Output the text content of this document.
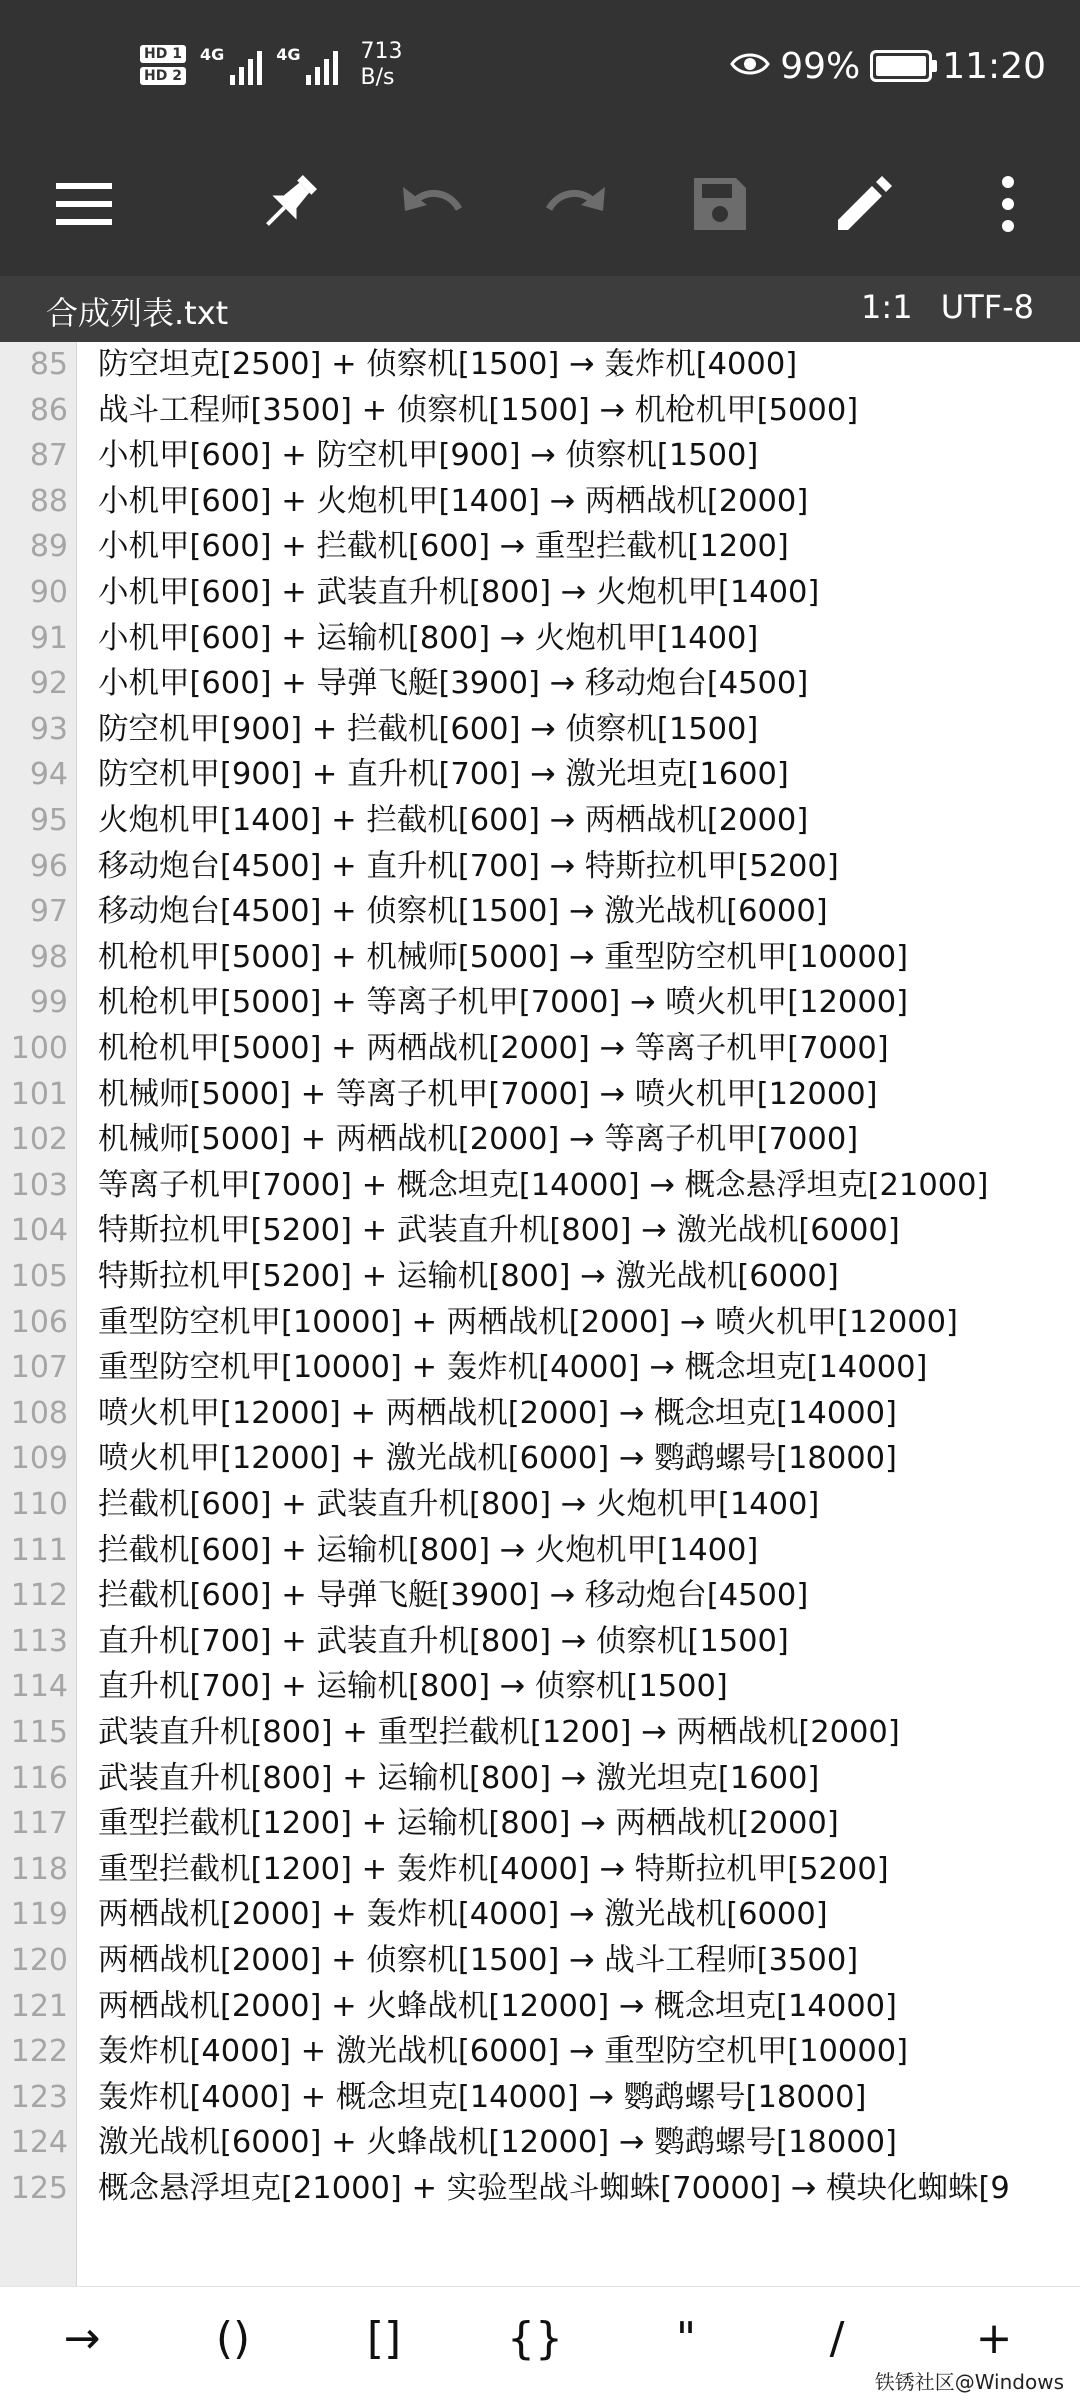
HD 1
HD 2
4G	4G	713
B/s	99% 11:20
合成列表.txt	1:1 UTF-8
85 防空坦克[2500] + 侦察机[1500] → 轰炸机[4000]
86 战斗工程师[3500] + 侦察机[1500] → 机枪机甲[5000]
87 小机甲[600] + 防空机甲[900] → 侦察机[1500]
88 小机甲[600] + 火炮机甲[1400] → 两栖战机[2000]
89 小机甲[600] + 拦截机[600] → 重型拦截机[1200]
90 小机甲[600] + 武装直升机[800] → 火炮机甲[1400]
91 小机甲[600] + 运输机[800] → 火炮机甲[1400]
92 小机甲[600] + 导弹飞艇[3900] → 移动炮台[4500]
93 防空机甲[900] + 拦截机[600] → 侦察机[1500]
94 防空机甲[900] + 直升机[700] → 激光坦克[1600]
95 火炮机甲[1400] + 拦截机[600] → 两栖战机[2000]
96 移动炮台[4500] + 直升机[700] → 特斯拉机甲[5200]
97 移动炮台[4500] + 侦察机[1500] → 激光战机[6000]
98 机枪机甲[5000] + 机械师[5000] → 重型防空机甲[10000]
99 机枪机甲[5000] + 等离子机甲[7000] → 喷火机甲[12000]
100 机枪机甲[5000] + 两栖战机[2000] → 等离子机甲[7000]
101 机械师[5000] + 等离子机甲[7000] → 喷火机甲[12000]
102 机械师[5000] + 两栖战机[2000] → 等离子机甲[7000]
103 等离子机甲[7000] + 概念坦克[14000] → 概念悬浮坦克[21000]
104 特斯拉机甲[5200] + 武装直升机[800] → 激光战机[6000]
105 特斯拉机甲[5200] + 运输机[800] → 激光战机[6000]
106 重型防空机甲[10000] + 两栖战机[2000] → 喷火机甲[12000]
107 重型防空机甲[10000] + 轰炸机[4000] → 概念坦克[14000]
108 喷火机甲[12000] + 两栖战机[2000] → 概念坦克[14000]
109 喷火机甲[12000] + 激光战机[6000] → 鹦鹉螺号[18000]
110 拦截机[600] + 武装直升机[800] → 火炮机甲[1400]
111 拦截机[600] + 运输机[800] → 火炮机甲[1400]
112 拦截机[600] + 导弹飞艇[3900] → 移动炮台[4500]
113 直升机[700] + 武装直升机[800] → 侦察机[1500]
114 直升机[700] + 运输机[800] → 侦察机[1500]
115 武装直升机[800] + 重型拦截机[1200] → 两栖战机[2000]
116 武装直升机[800] + 运输机[800] → 激光坦克[1600]
117 重型拦截机[1200] + 运输机[800] → 两栖战机[2000]
118 重型拦截机[1200] + 轰炸机[4000] → 特斯拉机甲[5200]
119 两栖战机[2000] + 轰炸机[4000] → 激光战机[6000]
120 两栖战机[2000] + 侦察机[1500] → 战斗工程师[3500]
121 两栖战机[2000] + 火蜂战机[12000] → 概念坦克[14000]
122 轰炸机[4000] + 激光战机[6000] → 重型防空机甲[10000]
123 轰炸机[4000] + 概念坦克[14000] → 鹦鹉螺号[18000]
124 激光战机[6000] + 火蜂战机[12000] → 鹦鹉螺号[18000]
125 概念悬浮坦克[21000] + 实验型战斗蜘蛛[70000] → 模块化蜘蛛[9
→	()	[]	{}	"	/	+
铁锈社区@Windows
